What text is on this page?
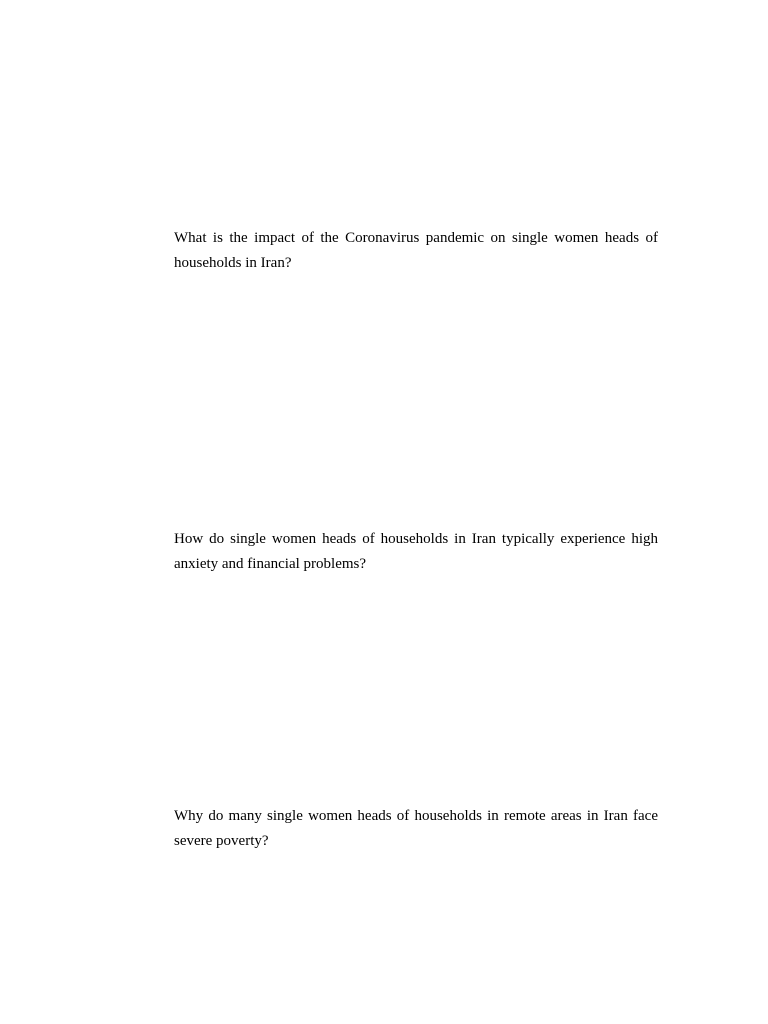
What is the impact of the Coronavirus pandemic on single women heads of households in Iran?

How do single women heads of households in Iran typically experience high anxiety and financial problems?

Why do many single women heads of households in remote areas in Iran face severe poverty?
